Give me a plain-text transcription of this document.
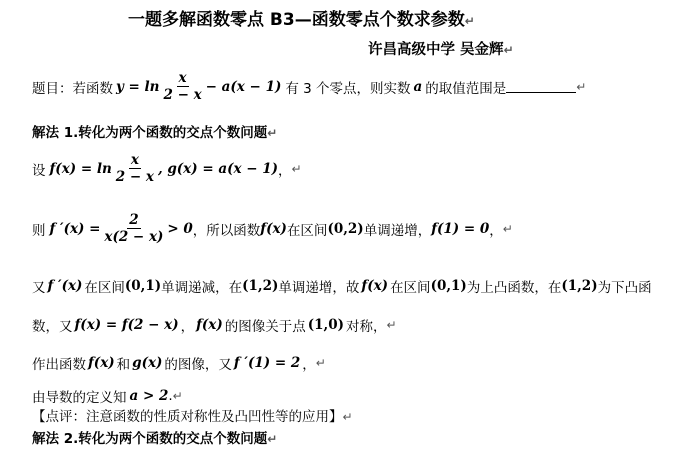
一题多解函数零点 B3—函数零点个数求参数↵
许昌高级中学 吴金辉↵
题目：若函数 $y = \ln \frac{x}{2 - x} - a(x - 1)$ 有 3 个零点，则实数 a 的取值范围是	↵
解法 1.转化为两个函数的交点个数问题↵
设 $f(x) = \ln \frac{x}{2 - x}$ , g(x) = a(x − 1) ， ↵
则 f $'(x) = \frac{2}{x(2 - x)} > 0$ ，所以函数 f(x) 在区间 (0,2) 单调递增， f(1) = 0 ， ↵
又 f ′(x) 在区间 (0,1) 单调递减，在 (1,2) 单调递增，故 f(x) 在区间 (0,1) 为上凸函数，在 (1,2) 为下凸函
数，又 f(x) = f(2 − x) ， f(x) 的图像关于点 (1,0) 对称， ↵
作出函数 f(x) 和 g(x) 的图像，又 f ′(1) = 2 ， ↵
由导数的定义知 a > 2 . ↵
【点评：注意函数的性质对称性及凸凹性等的应用】↵
解法 2.转化为两个函数的交点个数问题↵
